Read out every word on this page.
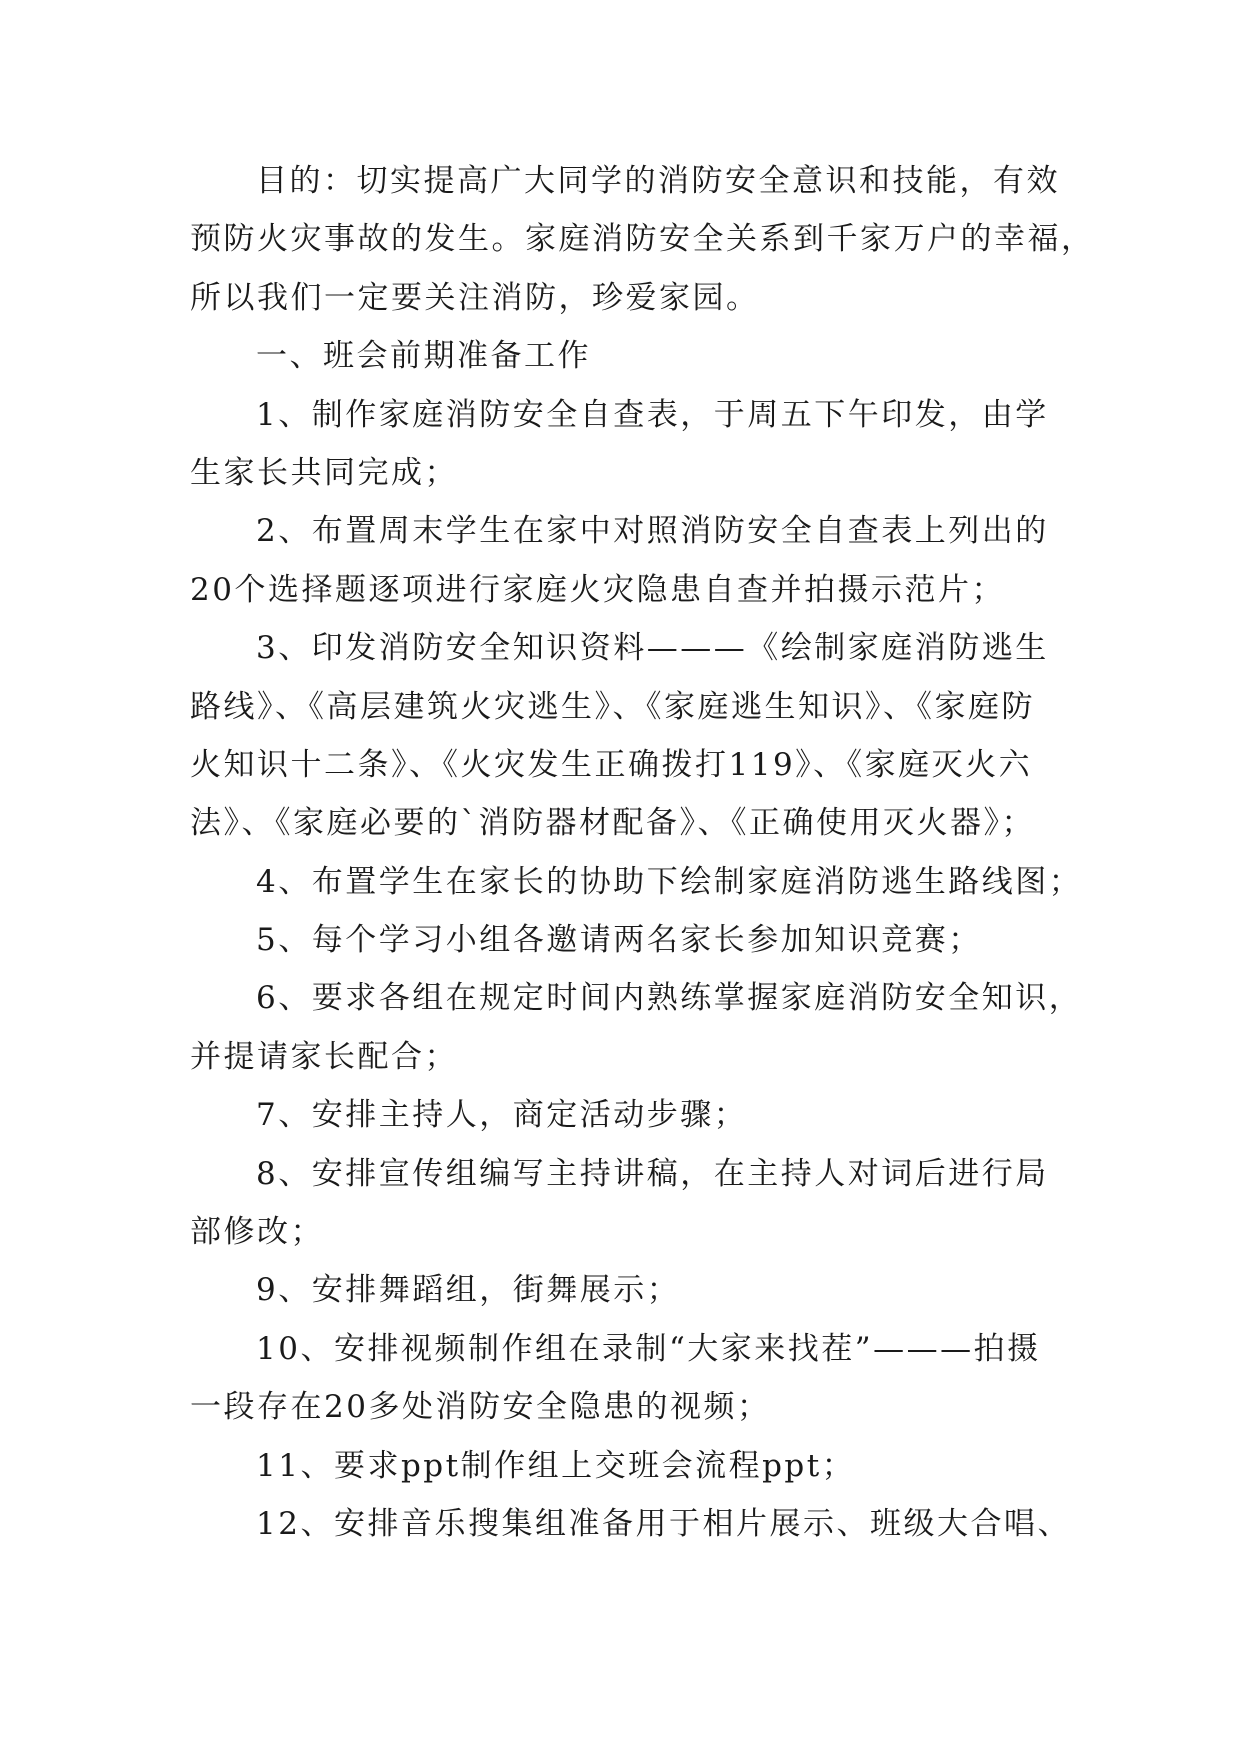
目的：切实提高广大同学的消防安全意识和技能，有效
预防火灾事故的发生。家庭消防安全关系到千家万户的幸福，
所以我们一定要关注消防，珍爱家园。
一、班会前期准备工作
1、制作家庭消防安全自查表，于周五下午印发，由学
生家长共同完成；
2、布置周末学生在家中对照消防安全自查表上列出的
20个选择题逐项进行家庭火灾隐患自查并拍摄示范片；
3、印发消防安全知识资料———《绘制家庭消防逃生
路线》、《高层建筑火灾逃生》、《家庭逃生知识》、《家庭防
火知识十二条》、《火灾发生正确拨打119》、《家庭灭火六
法》、《家庭必要的`消防器材配备》、《正确使用灭火器》；
4、布置学生在家长的协助下绘制家庭消防逃生路线图；
5、每个学习小组各邀请两名家长参加知识竞赛；
6、要求各组在规定时间内熟练掌握家庭消防安全知识，
并提请家长配合；
7、安排主持人，商定活动步骤；
8、安排宣传组编写主持讲稿，在主持人对词后进行局
部修改；
9、安排舞蹈组，街舞展示；
10、安排视频制作组在录制“大家来找茬”———拍摄
一段存在20多处消防安全隐患的视频；
11、要求ppt制作组上交班会流程ppt；
12、安排音乐搜集组准备用于相片展示、班级大合唱、
